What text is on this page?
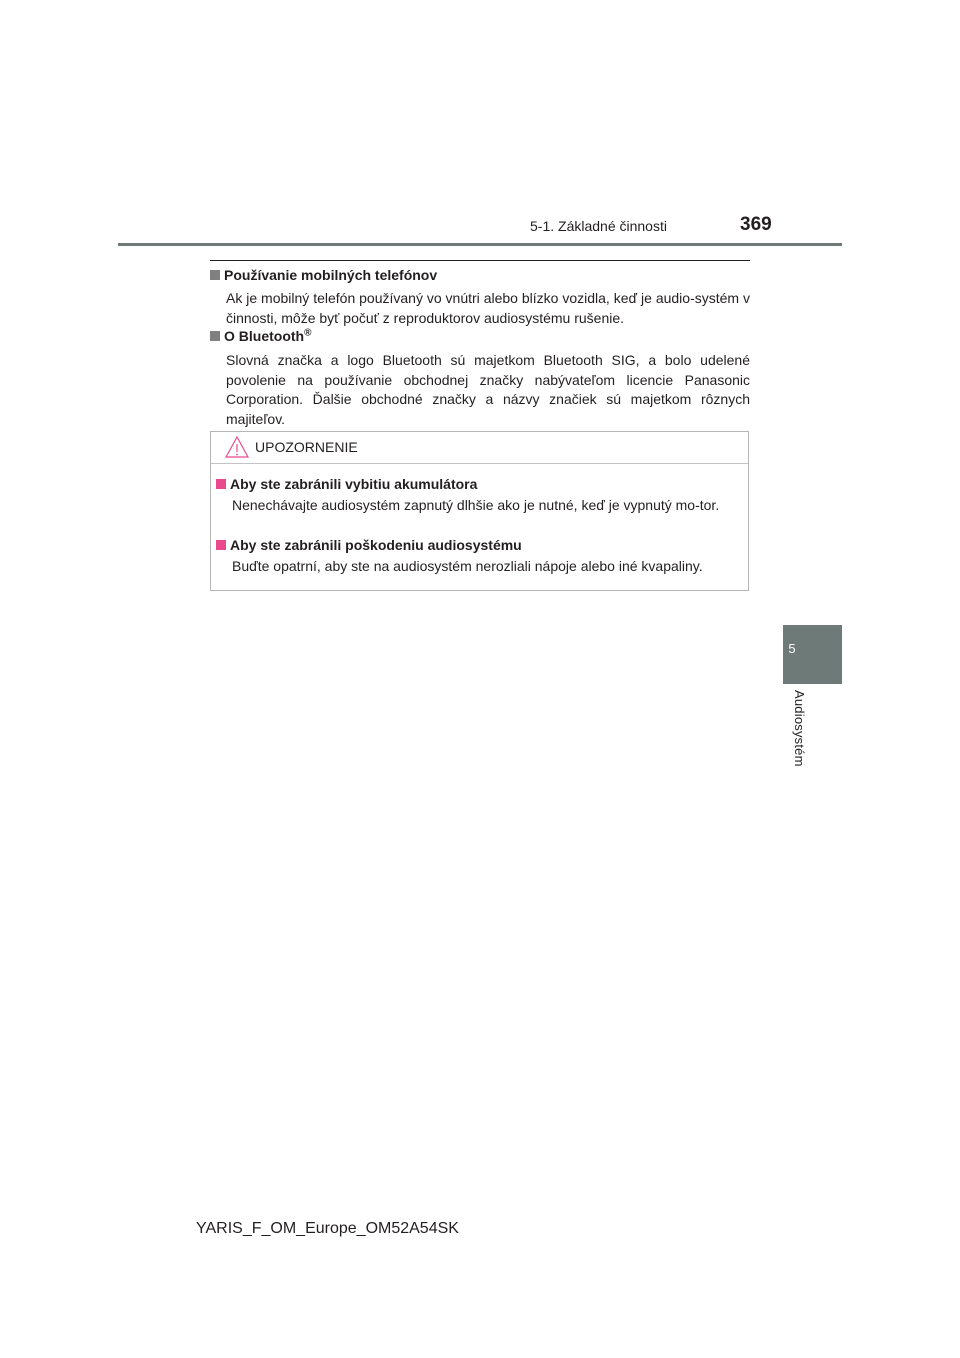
5-1. Základné činnosti	369
5
Audiosystém
Používanie mobilných telefónov
Ak je mobilný telefón používaný vo vnútri alebo blízko vozidla, keď je audio-systém v činnosti, môže byť počuť z reproduktorov audiosystému rušenie.
O Bluetooth®
Slovná značka a logo Bluetooth sú majetkom Bluetooth SIG, a bolo udelené povolenie na používanie obchodnej značky nabývateľom licencie Panasonic Corporation. Ďalšie obchodné značky a názvy značiek sú majetkom rôznych majiteľov.
UPOZORNENIE
Aby ste zabránili vybitiu akumulátora
Nenechávajte audiosystém zapnutý dlhšie ako je nutné, keď je vypnutý mo-tor.
Aby ste zabránili poškodeniu audiosystému
Buďte opatrní, aby ste na audiosystém nerozliali nápoje alebo iné kvapaliny.
YARIS_F_OM_Europe_OM52A54SK
